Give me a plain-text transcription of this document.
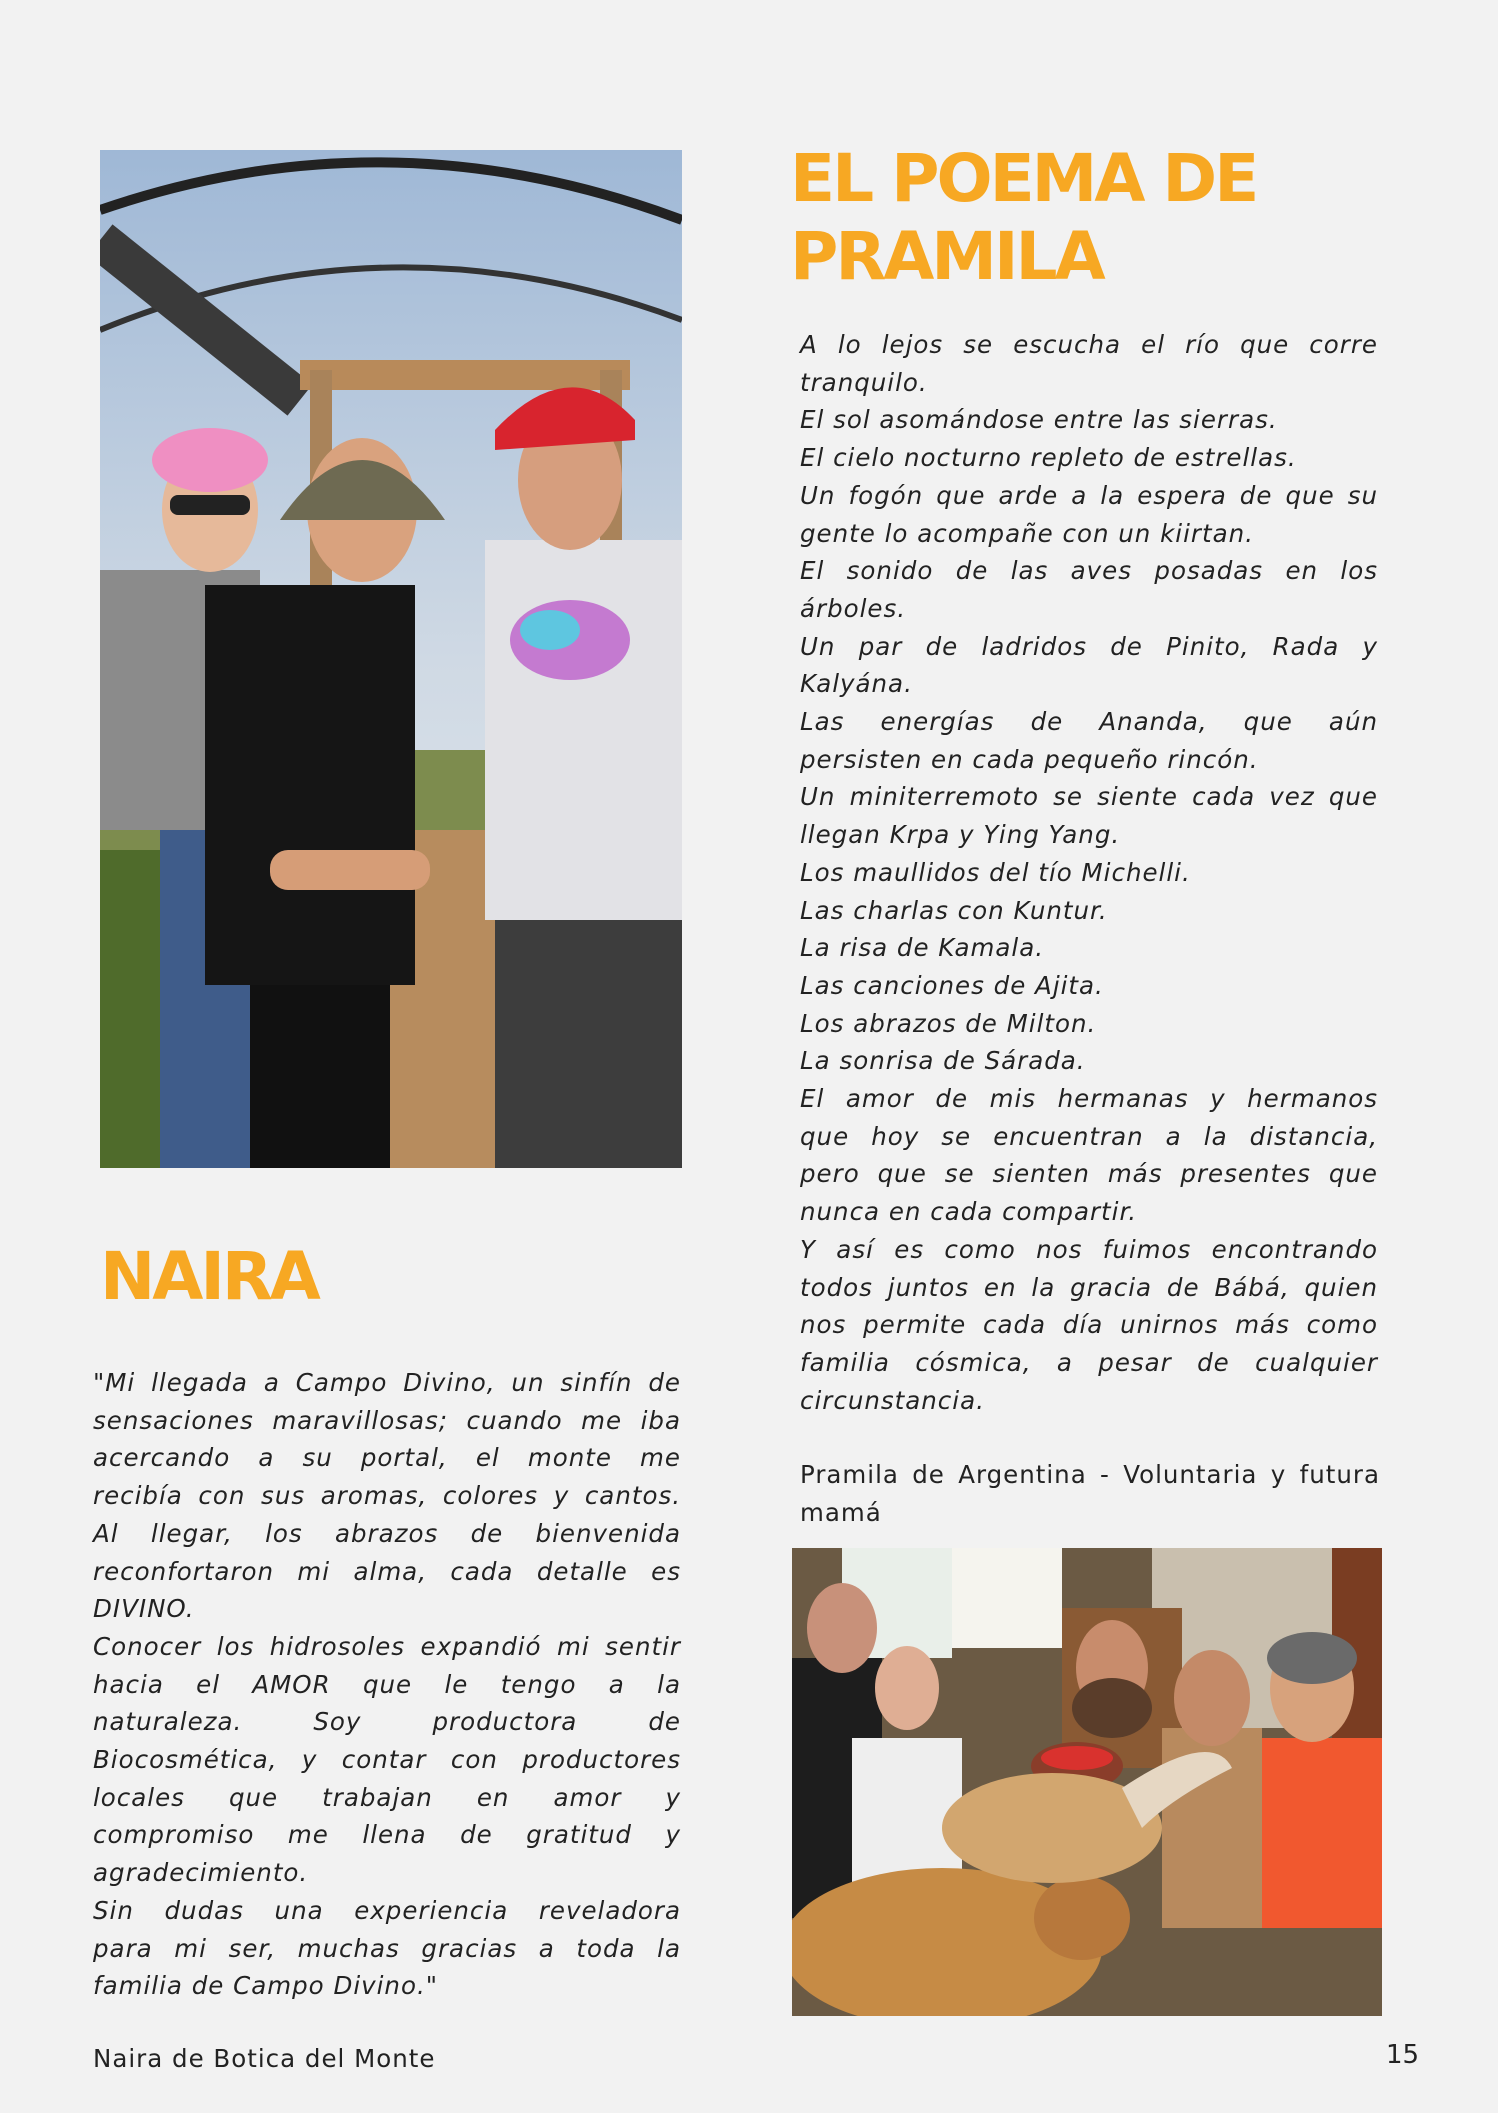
EL POEMA DE PRAMILA
A lo lejos se escucha el río que corre
tranquilo.
El sol asomándose entre las sierras.
El cielo nocturno repleto de estrellas.
Un fogón que arde a la espera de que su
gente lo acompañe con un kiirtan.
El sonido de las aves posadas en los
árboles.
Un par de ladridos de Pinito, Rada y
Kalyána.
Las energías de Ananda, que aún
persisten en cada pequeño rincón.
Un miniterremoto se siente cada vez que
llegan Krpa y Ying Yang.
Los maullidos del tío Michelli.
Las charlas con Kuntur.
La risa de Kamala.
Las canciones de Ajita.
Los abrazos de Milton.
La sonrisa de Sárada.
El amor de mis hermanas y hermanos
que hoy se encuentran a la distancia,
pero que se sienten más presentes que
nunca en cada compartir.
Y así es como nos fuimos encontrando
todos juntos en la gracia de Bábá, quien
nos permite cada día unirnos más como
familia cósmica, a pesar de cualquier
circunstancia.
Pramila de Argentina - Voluntaria y futura
mamá
NAIRA
"Mi llegada a Campo Divino, un sinfín de
sensaciones maravillosas; cuando me iba
acercando a su portal, el monte me
recibía con sus aromas, colores y cantos.
Al llegar, los abrazos de bienvenida
reconfortaron mi alma, cada detalle es
DIVINO.
Conocer los hidrosoles expandió mi sentir
hacia el AMOR que le tengo a la
naturaleza. Soy productora de
Biocosmética, y contar con productores
locales que trabajan en amor y
compromiso me llena de gratitud y
agradecimiento.
Sin dudas una experiencia reveladora
para mi ser, muchas gracias a toda la
familia de Campo Divino."
Naira de Botica del Monte	15
